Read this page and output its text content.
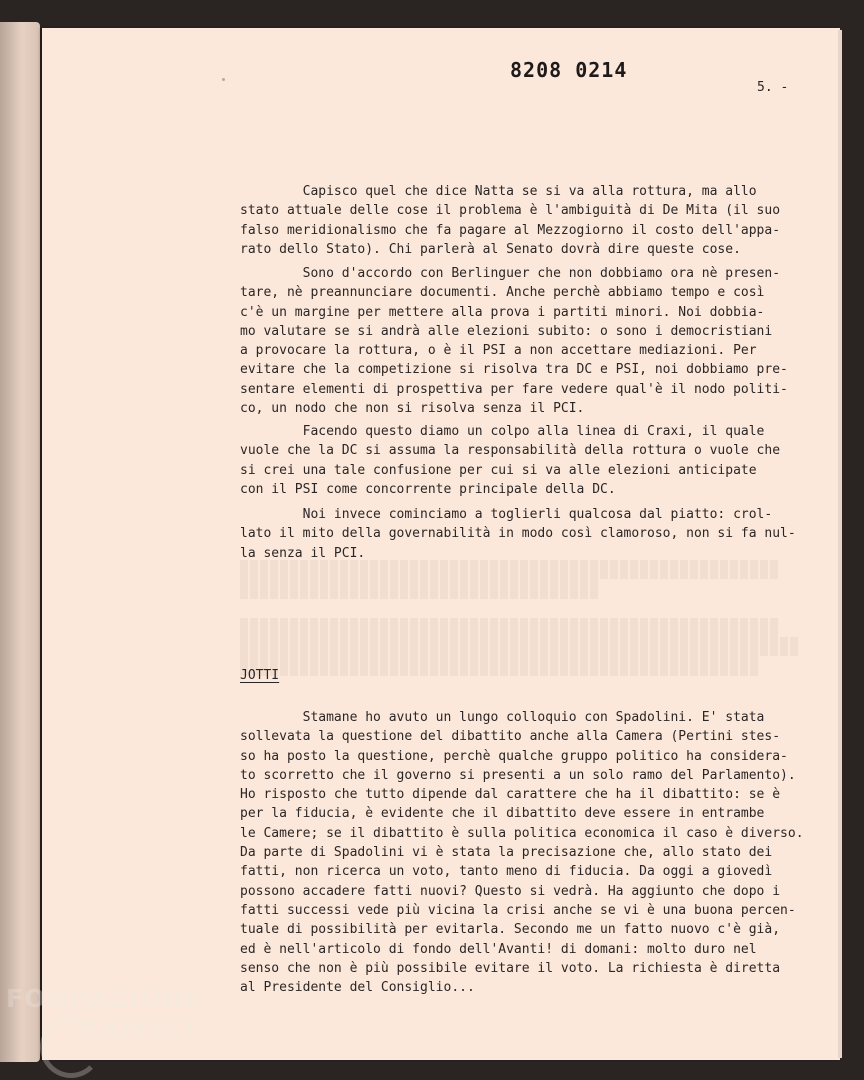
8208 0214
5. -

Capisco quel che dice Natta se si va alla rottura, ma allo
stato attuale delle cose il problema è l'ambiguità di De Mita (il suo
falso meridionalismo che fa pagare al Mezzogiorno il costo dell'appa-
rato dello Stato). Chi parlerà al Senato dovrà dire queste cose.

Sono d'accordo con Berlinguer che non dobbiamo ora nè presen-
tare, nè preannunciare documenti. Anche perchè abbiamo tempo e così
c'è un margine per mettere alla prova i partiti minori. Noi dobbia-
mo valutare se si andrà alle elezioni subito: o sono i democristiani
a provocare la rottura, o è il PSI a non accettare mediazioni. Per
evitare che la competizione si risolva tra DC e PSI, noi dobbiamo pre-
sentare elementi di prospettiva per fare vedere qual'è il nodo politi-
co, un nodo che non si risolva senza il PCI.

Facendo questo diamo un colpo alla linea di Craxi, il quale
vuole che la DC si assuma la responsabilità della rottura o vuole che
si crei una tale confusione per cui si va alle elezioni anticipate
con il PSI come concorrente principale della DC.

Noi invece cominciamo a toglierli qualcosa dal piatto: crol-
lato il mito della governabilità in modo così clamoroso, non si fa nul-
la senza il PCI.

JOTTI

Stamane ho avuto un lungo colloquio con Spadolini. E' stata
sollevata la questione del dibattito anche alla Camera (Pertini stes-
so ha posto la questione, perchè qualche gruppo politico ha considera-
to scorretto che il governo si presenti a un solo ramo del Parlamento).
Ho risposto che tutto dipende dal carattere che ha il dibattito: se è
per la fiducia, è evidente che il dibattito deve essere in entrambe
le Camere; se il dibattito è sulla politica economica il caso è diverso.
Da parte di Spadolini vi è stata la precisazione che, allo stato dei
fatti, non ricerca un voto, tanto meno di fiducia. Da oggi a giovedì
possono accadere fatti nuovi? Questo si vedrà. Ha aggiunto che dopo i
fatti successi vede più vicina la crisi anche se vi è una buona percen-
tuale di possibilità per evitarla. Secondo me un fatto nuovo c'è già,
ed è nell'articolo di fondo dell'Avanti! di domani: molto duro nel
senso che non è più possibile evitare il voto. La richiesta è diretta
al Presidente del Consiglio...

FONDAZIONE
RAMSCI
